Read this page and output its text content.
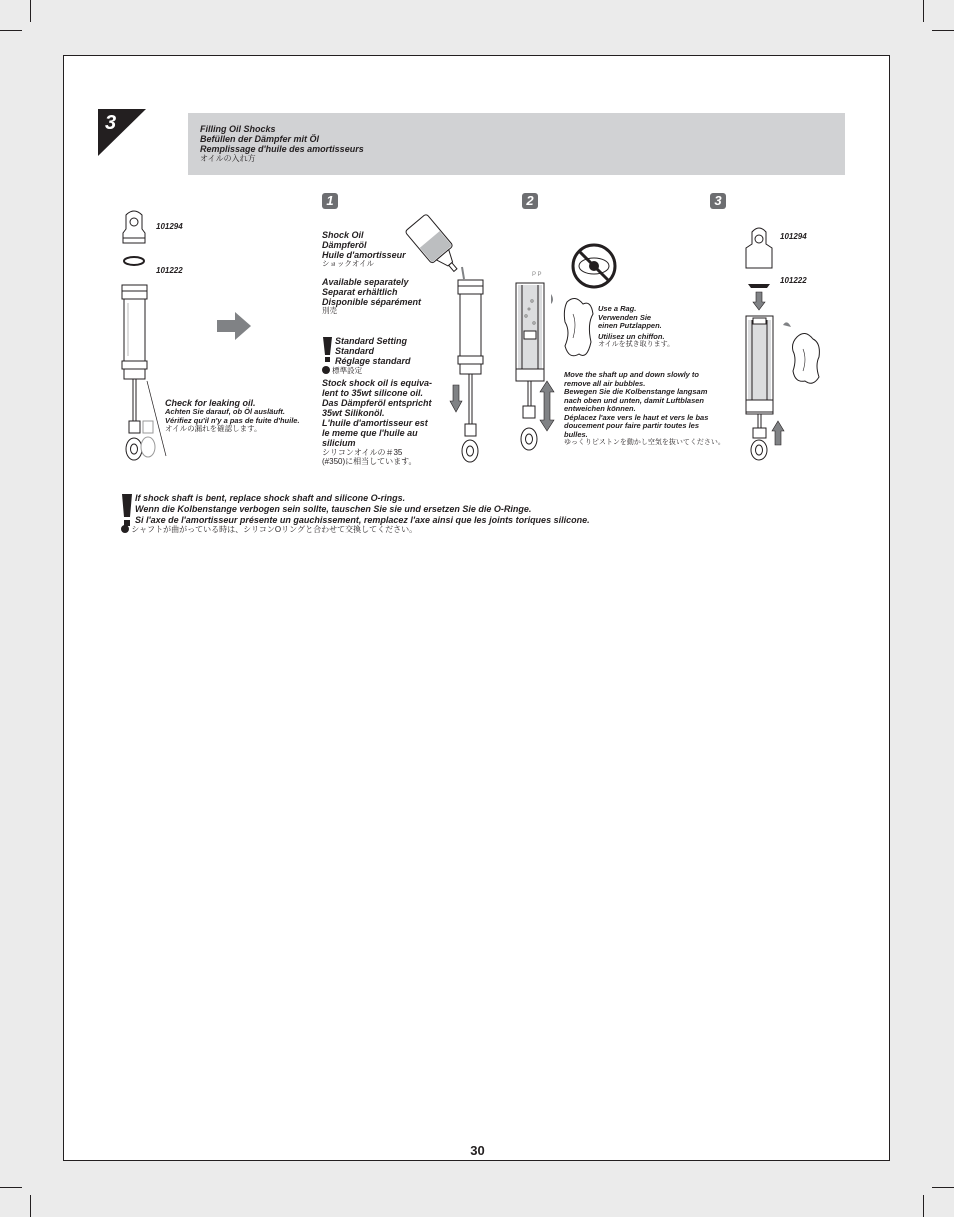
3	Filling Oil Shocks
Befüllen der Dämpfer mit Öl
Remplissage d'huile des amortisseurs
オイルの入れ方
1	2	3
101294
101222
Check for leaking oil.
Achten Sie darauf, ob Öl ausläuft.
Vérifiez qu'il n'y a pas de fuite d'huile.
オイルの漏れを確認します。
Shock Oil
Dämpferöl
Huile d'amortisseur
ショックオイル
Available separately
Separat erhältlich
Disponible séparément
別売
Standard Setting
Standard
Réglage standard
標準設定
Stock shock oil is equiva-
lent to 35wt silicone oil.
Das Dämpferöl entspricht
35wt Silikonöl.
L'huile d'amortisseur est
le meme que l'huile au
silicium
シリコンオイルの＃35
(#350)に相当しています。
P P
Use a Rag.
Verwenden Sie
einen Putzlappen.
Utilisez un chiffon.
オイルを拭き取ります。
Move the shaft up and down slowly to
remove all air bubbles.
Bewegen Sie die Kolbenstange langsam
nach oben und unten, damit Luftblasen
entweichen können.
Déplacez l'axe vers le haut et vers le bas
doucement pour faire partir toutes les
bulles.
ゆっくりピストンを動かし空気を抜いてください。
101294
101222
If shock shaft is bent, replace shock shaft and silicone O-rings.
Wenn die Kolbenstange verbogen sein sollte, tauschen Sie sie und ersetzen Sie die O-Ringe.
Si l'axe de l'amortisseur présente un gauchissement, remplacez l'axe ainsi que les joints toriques silicone.
シャフトが曲がっている時は、シリコンOリングと合わせて交換してください。
30
